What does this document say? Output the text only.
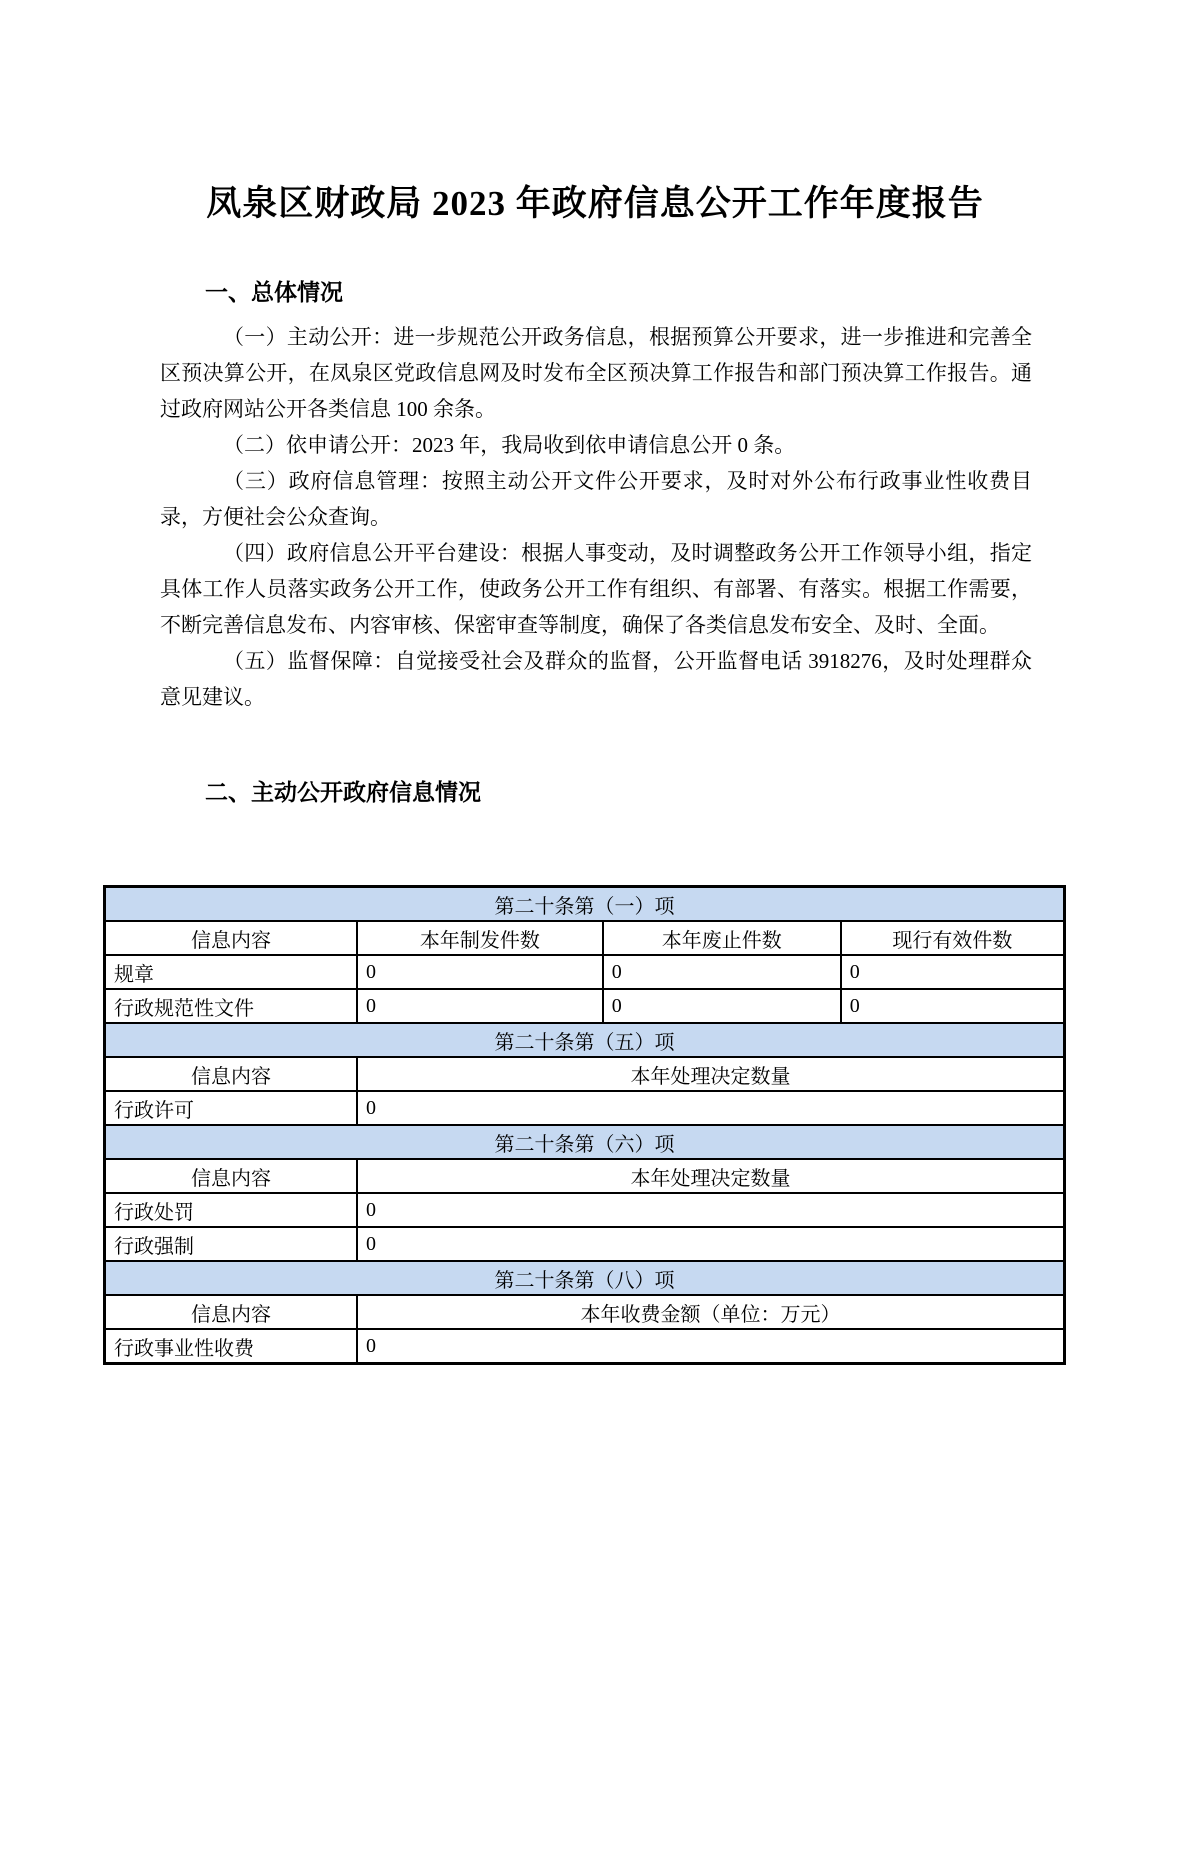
凤泉区财政局 2023 年政府信息公开工作年度报告
一、总体情况

（一）主动公开：进一步规范公开政务信息，根据预算公开要求，进一步推进和完善全区预决算公开，在凤泉区党政信息网及时发布全区预决算工作报告和部门预决算工作报告。通过政府网站公开各类信息 100 余条。

（二）依申请公开：2023 年，我局收到依申请信息公开 0 条。

（三）政府信息管理：按照主动公开文件公开要求，及时对外公布行政事业性收费目录，方便社会公众查询。

（四）政府信息公开平台建设：根据人事变动，及时调整政务公开工作领导小组，指定具体工作人员落实政务公开工作，使政务公开工作有组织、有部署、有落实。根据工作需要，不断完善信息发布、内容审核、保密审查等制度，确保了各类信息发布安全、及时、全面。

（五）监督保障：自觉接受社会及群众的监督，公开监督电话 3918276，及时处理群众意见建议。

二、主动公开政府信息情况
第二十条第（一）项			
信息内容	本年制发件数	本年废止件数	现行有效件数
规章	0	0	0
行政规范性文件	0	0	0
第二十条第（五）项			
信息内容	本年处理决定数量		
行政许可	0		
第二十条第（六）项			
信息内容	本年处理决定数量		
行政处罚	0		
行政强制	0		
第二十条第（八）项			
信息内容	本年收费金额（单位：万元）		
行政事业性收费	0		
